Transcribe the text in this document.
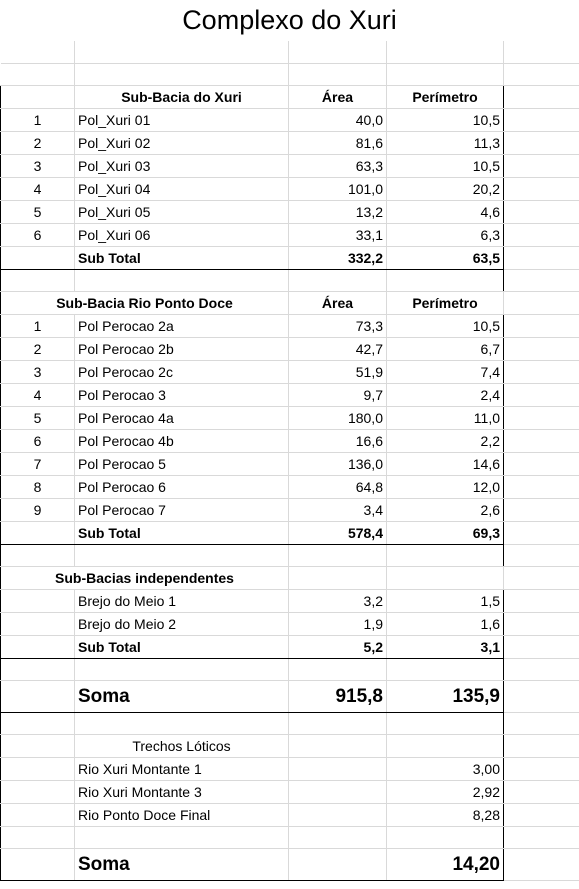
Complexo do Xuri

	Sub-Bacia do Xuri	Área	Perímetro	
1	Pol_Xuri 01	40,0	10,5	
2	Pol_Xuri 02	81,6	11,3	
3	Pol_Xuri 03	63,3	10,5	
4	Pol_Xuri 04	101,0	20,2	
5	Pol_Xuri 05	13,2	4,6	
6	Pol_Xuri 06	33,1	6,3	
	Sub Total	332,2	63,5	

Sub-Bacia Rio Ponto Doce		Área	Perímetro	
1	Pol Perocao 2a	73,3	10,5	
2	Pol Perocao 2b	42,7	6,7	
3	Pol Perocao 2c	51,9	7,4	
4	Pol Perocao 3	9,7	2,4	
5	Pol Perocao 4a	180,0	11,0	
6	Pol Perocao 4b	16,6	2,2	
7	Pol Perocao 5	136,0	14,6	
8	Pol Perocao 6	64,8	12,0	
9	Pol Perocao 7	3,4	2,6	
	Sub Total	578,4	69,3	

Sub-Bacias independentes				
	Brejo do Meio 1	3,2	1,5	
	Brejo do Meio 2	1,9	1,6	
	Sub Total	5,2	3,1	

	Soma	915,8	135,9	

	Trechos Lóticos			
	Rio Xuri Montante 1		3,00	
	Rio Xuri Montante 3		2,92	
	Rio Ponto Doce Final		8,28	

	Soma		14,20	
